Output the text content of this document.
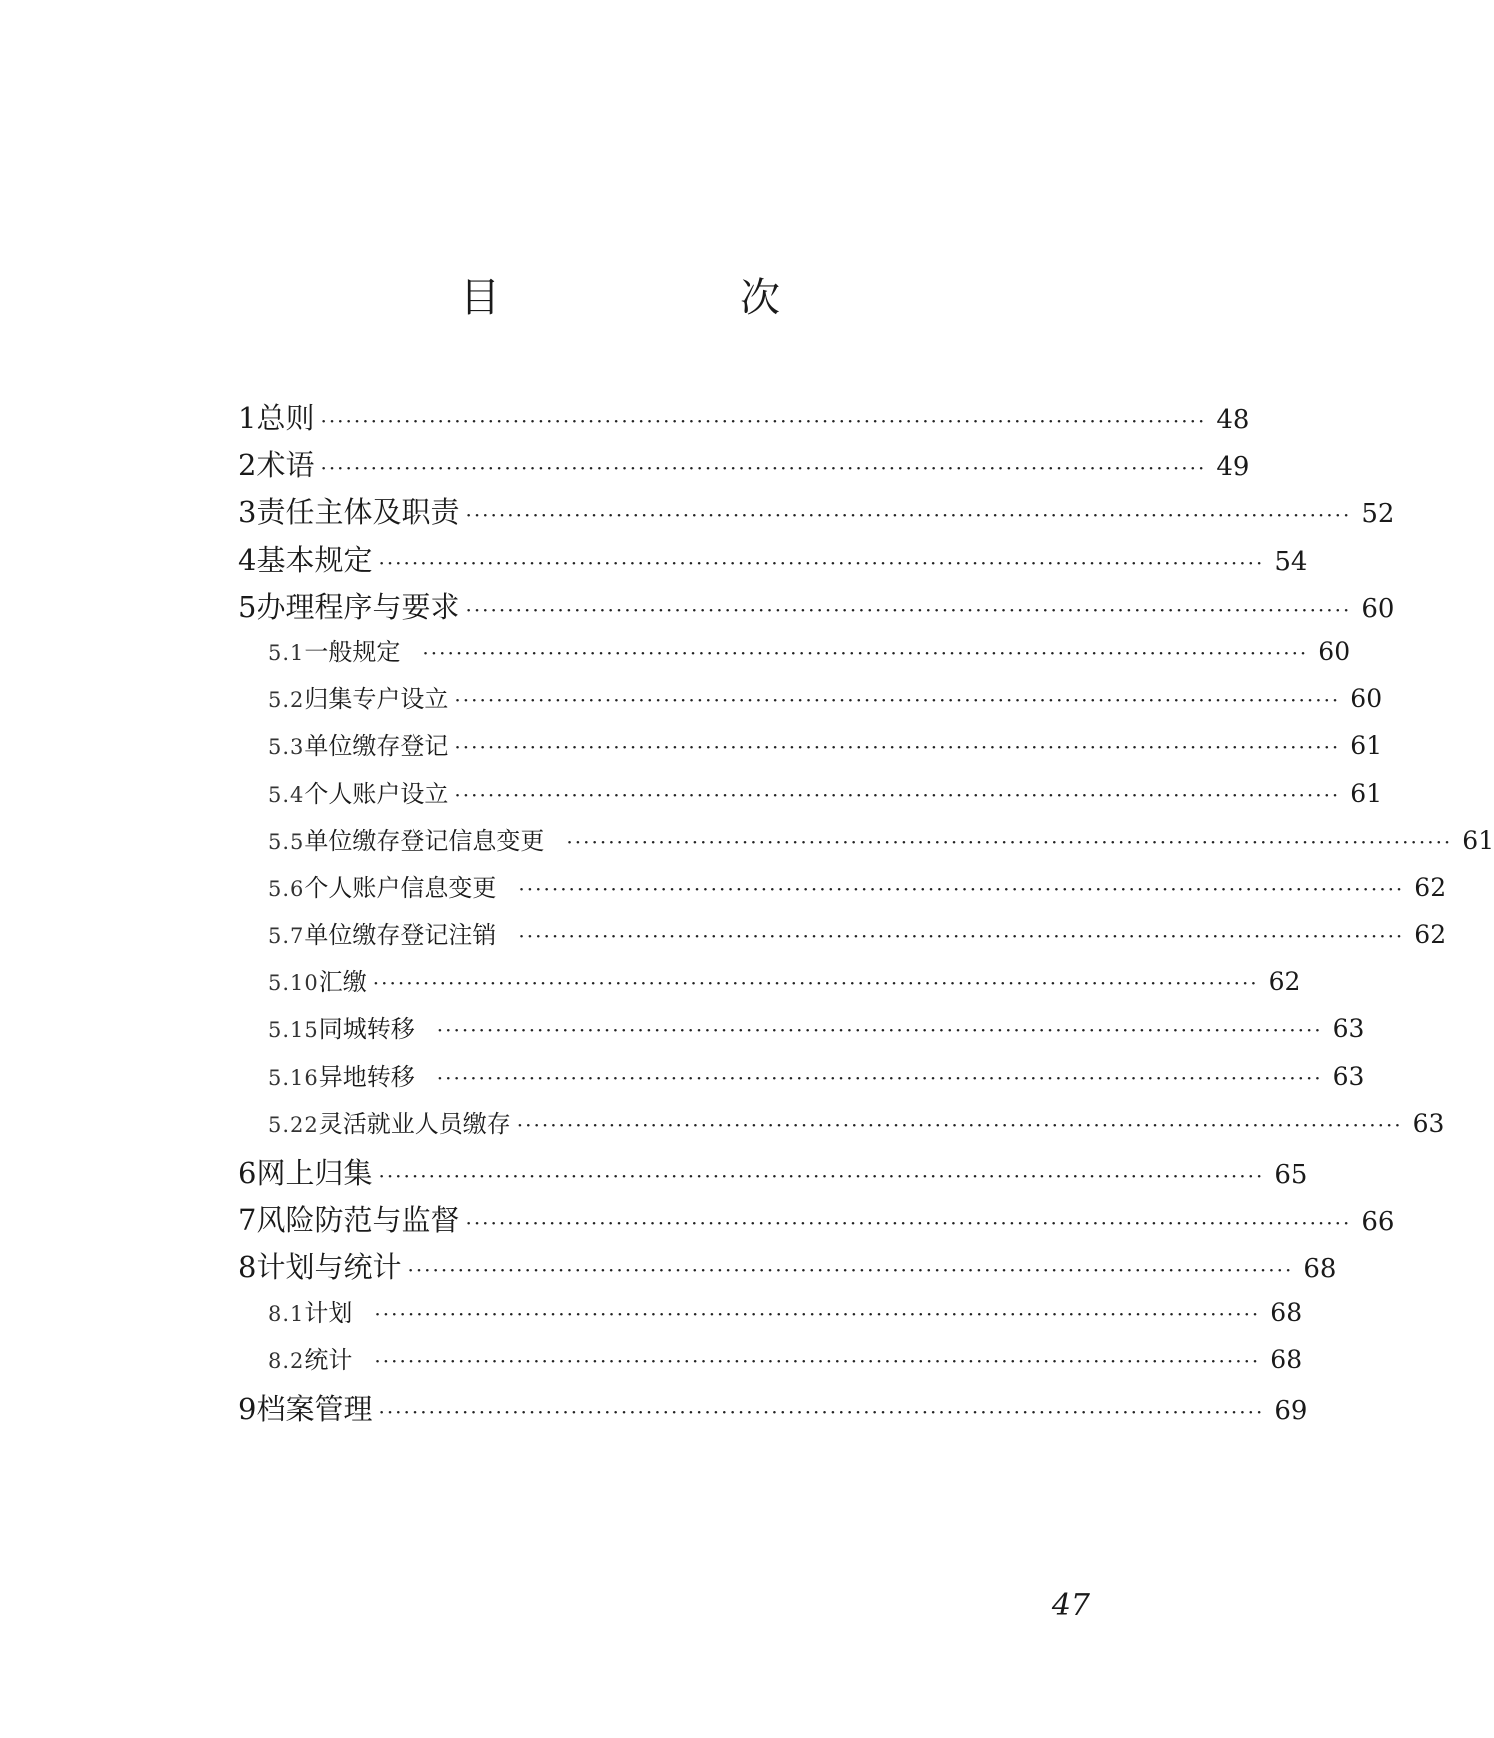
目　次
1 总则 ·········································································································· 48
2 术语 ·········································································································· 49
3 责任主体及职责 ·········································································································· 52
4 基本规定 ·········································································································· 54
5 办理程序与要求 ·········································································································· 60
5.1 一般规定 ·········································································································· 60
5.2 归集专户设立 ·········································································································· 60
5.3 单位缴存登记 ·········································································································· 61
5.4 个人账户设立 ·········································································································· 61
5.5 单位缴存登记信息变更 ·········································································································· 61
5.6 个人账户信息变更 ·········································································································· 62
5.7 单位缴存登记注销 ·········································································································· 62
5.10 汇缴 ·········································································································· 62
5.15 同城转移 ·········································································································· 63
5.16 异地转移 ·········································································································· 63
5.22 灵活就业人员缴存 ·········································································································· 63
6 网上归集 ·········································································································· 65
7 风险防范与监督 ·········································································································· 66
8 计划与统计 ·········································································································· 68
8.1 计划 ·········································································································· 68
8.2 统计 ·········································································································· 68
9 档案管理 ·········································································································· 69
47
